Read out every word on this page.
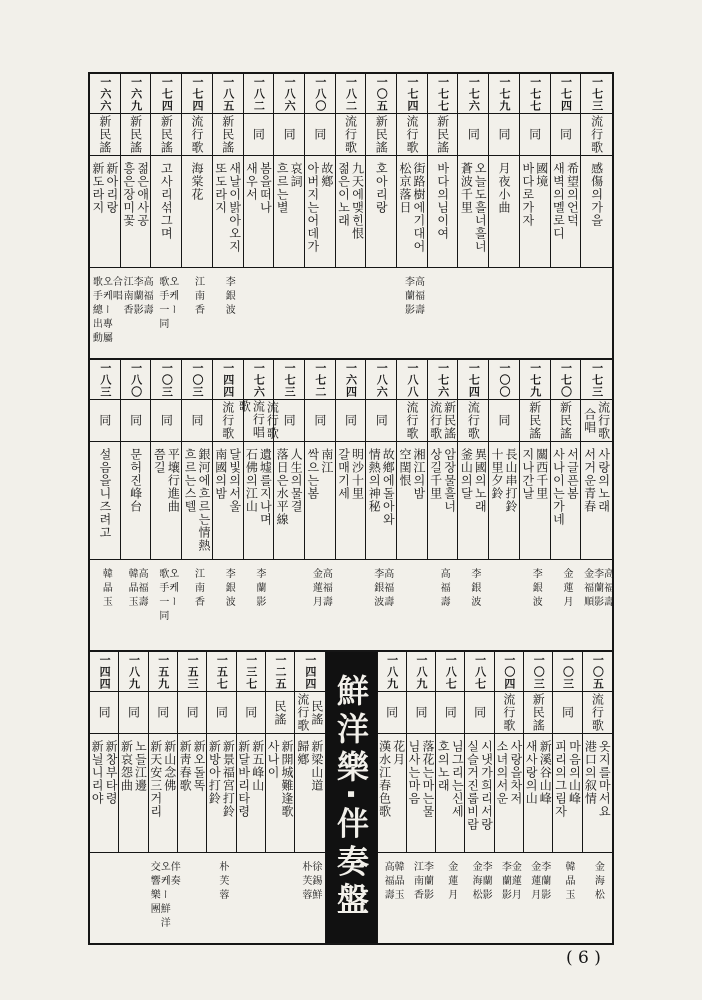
一七三
流行歌
感傷의가을
一七四
同
希望의언덕
새벽의멜로디
一七七
同
國境
바다로가자
一七九
同
月夜小曲
一七六
同
오늘도흘너흘너
蒼波千里
一七七
新民謠
바다의님이여
一七四
流行歌
街路樹에기대어
松京落日
高福壽
李蘭影
一〇五
新民謠
호아리랑
一八二
流行歌
九天에맺힌恨
젊은이노래
一八〇
同
故鄕
아버지는어데가
一八六
同
哀詞
흐르는별
一八二
同
봄을떠나
새우서
一八五
新民謠
새날이밝아오지
또도라지
李銀波
一七四
流行歌
海棠花
江南香
一七四
新民謠
고사리섞그며
오케ー
歌手一同
一六九
新民謠
젊은애사공
흥은장미꽃
高福壽
李蘭影
江南香
一六六
新民謠
新아리랑
新도라지
合唱
오케ー專屬
歌手總出動
一七三
流行歌
合唱
사랑의노래
서거운青春
高福壽
李蘭影
金福順
一七〇
新民謠
서글픈봄
사나이는가네
金蓮月
一七九
新民謠
關西千里
지나간날
李銀波
一〇〇
同
長山串打鈴
十里夕鈴
一七四
流行歌
異國의노래
釜山의달
李銀波
一七六
新民謠
流行歌
암장물흘너
상길千里
高福壽
一八八
流行歌
湘江의밤
空閨恨
一八六
同
故鄕에돌아와
情熱의神秘
高福壽
李銀波
一六四
同
明沙十里
갈매기세
一七二
同
南江
싹으는봄
高福壽
金蓮月
一七三
同
人生의물결
落日은水平線
一七六
流行歌
流行唱歌
遺墟를지나며
石佛의江山
李蘭影
一四四
流行歌
달빛의서울
南國의밤
李銀波
一〇三
同
銀河에흐르는情熱
흐르는스텔
江南香
一〇三
同
平壤行進曲
쯤길
오케ー
歌手一同
一八〇
同
문허진峰台
高福壽
韓晶玉
一八三
同
설음을니즈려고
韓晶玉
一〇五
流行歌
옷지를마서요
港口의叙情
金海松
一〇三
同
마음의山峰
피리의그림자
韓晶玉
一〇三
新民謠
新溪谷山峰
새사랑의山
李蘭影
金蓮月
一〇四
流行歌
사랑을차저
소녀의서운
金蓮月
李蘭影
一八七
同
시냇가희리서랑
실슬거진룹비람
李蘭影
金海松
一八七
同
님그리는신세
호의노래
金蓮月
一八九
同
落花는마는물
님사는마음
李蘭影
江南香
一八九
同
花月
漢水江春色歌
韓晶玉
高福壽
鮮洋樂·伴奏盤
一四四
民謠
流行歌
新梁山道
歸鄕
徐錫鮮
朴芙蓉
一二五
民謠
新開城難逢歌
사나이
一三七
同
新五峰山
新달바리타령
一五七
同
新景福宮打鈴
新방아打鈴
朴芙蓉
一五三
同
新오돌똑
新靑春歌
一五九
同
新山念佛
新天安三거리
伴奏
오케ー鮮洋
交響樂團
一八九
同
노들江邊
新哀怨曲
一四四
同
新창부타령
新늴니리야
( 6 )
